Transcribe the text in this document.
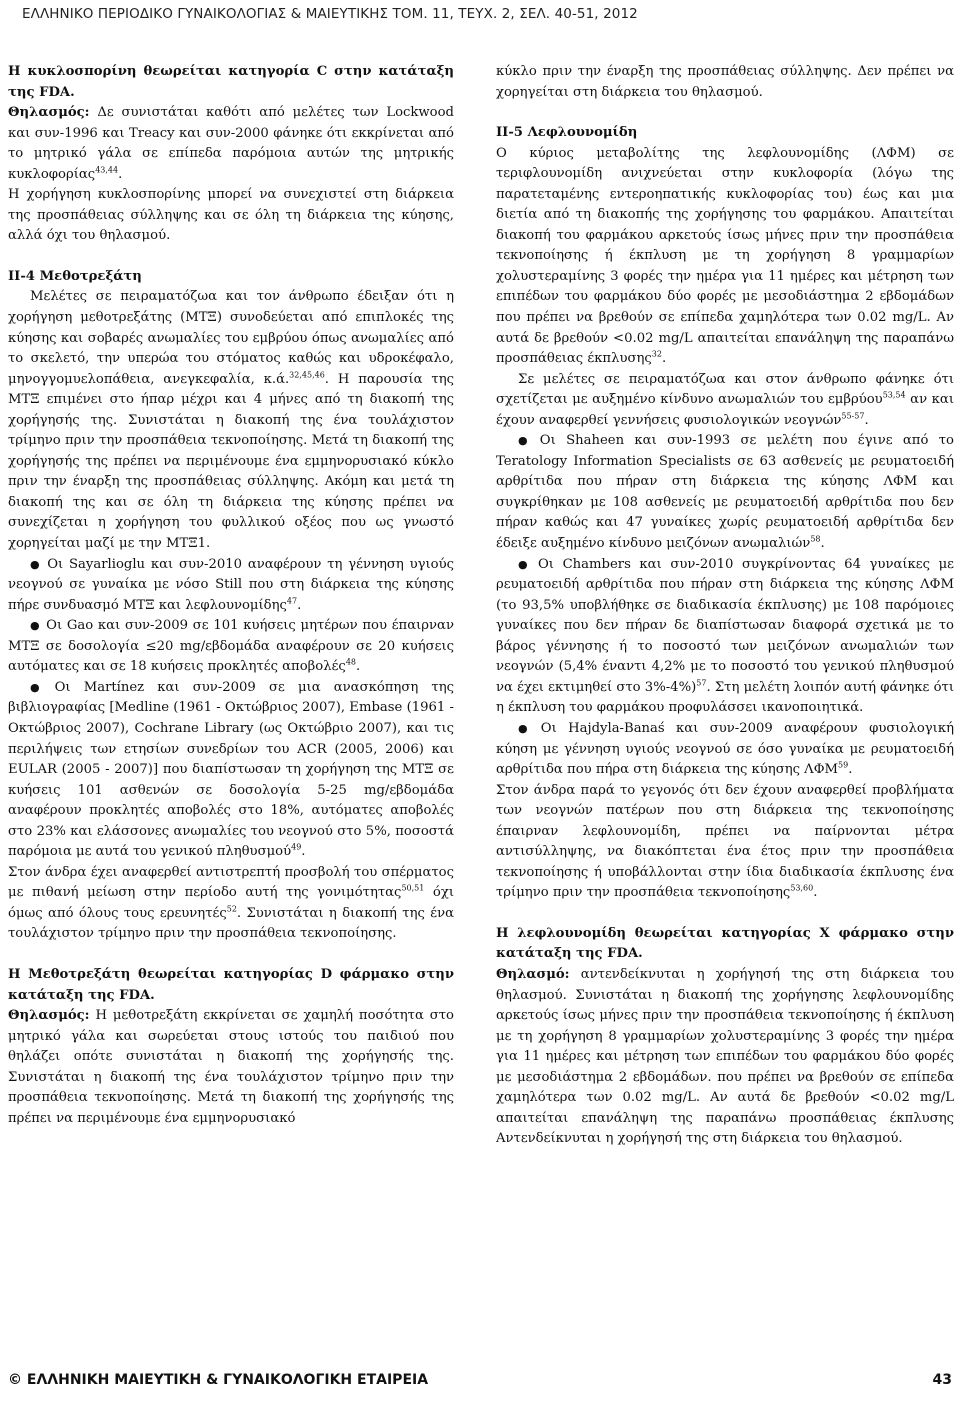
ΕΛΛΗΝΙΚΟ ΠΕΡΙΟΔΙΚΟ ΓΥΝΑΙΚΟΛΟΓΙΑΣ & ΜΑΙΕΥΤΙΚΗΣ ΤΟΜ. 11, ΤΕΥΧ. 2, ΣΕΛ. 40-51, 2012

Η κυκλοσπορίνη θεωρείται κατηγορία C στην κατάταξη της FDA.

Θηλασμός: Δε συνιστάται καθότι από μελέτες των Lockwood και συν-1996 και Treacy και συν-2000 φάνηκε ότι εκκρίνεται από το μητρικό γάλα σε επίπεδα παρόμοια αυτών της μητρικής κυκλοφορίας$^{43,44}$.

Η χορήγηση κυκλοσπορίνης μπορεί να συνεχιστεί στη διάρκεια της προσπάθειας σύλληψης και σε όλη τη διάρκεια της κύησης, αλλά όχι του θηλασμού.

ΙΙ-4 Μεθοτρεξάτη

Μελέτες σε πειραματόζωα και τον άνθρωπο έδειξαν ότι η χορήγηση μεθοτρεξάτης (ΜΤΞ) συνοδεύεται από επιπλοκές της κύησης και σοβαρές ανωμαλίες του εμβρύου όπως ανωμαλίες από το σκελετό, την υπερώα του στόματος καθώς και υδροκέφαλο, μηνογγομυελοπάθεια, ανεγκεφαλία, κ.ά.$^{32,45,46}$. Η παρουσία της ΜΤΞ επιμένει στο ήπαρ μέχρι και 4 μήνες από τη διακοπή της χορήγησής της. Συνιστάται η διακοπή της ένα τουλάχιστον τρίμηνο πριν την προσπάθεια τεκνοποίησης. Μετά τη διακοπή της χορήγησής της πρέπει να περιμένουμε ένα εμμηνορυσιακό κύκλο πριν την έναρξη της προσπάθειας σύλληψης. Ακόμη και μετά τη διακοπή της και σε όλη τη διάρκεια της κύησης πρέπει να συνεχίζεται η χορήγηση του φυλλικού οξέος που ως γνωστό χορηγείται μαζί με την ΜΤΞ1.

● Οι Sayarlioglu και συν-2010 αναφέρουν τη γέννηση υγιούς νεογνού σε γυναίκα με νόσο Still που στη διάρκεια της κύησης πήρε συνδυασμό ΜΤΞ και λεφλουνομίδης$^{47}$.

● Οι Gao και συν-2009 σε 101 κυήσεις μητέρων που έπαιρναν ΜΤΞ σε δοσολογία ≤20 mg/εβδομάδα αναφέρουν σε 20 κυήσεις αυτόματες και σε 18 κυήσεις προκλητές αποβολές$^{48}$.

● Οι Martínez και συν-2009 σε μια ανασκόπηση της βιβλιογραφίας [Medline (1961 - Οκτώβριος 2007), Embase (1961 - Οκτώβριος 2007), Cochrane Library (ως Οκτώβριο 2007), και τις περιλήψεις των ετησίων συνεδρίων του ACR (2005, 2006) και EULAR (2005 - 2007)] που διαπίστωσαν τη χορήγηση της ΜΤΞ σε κυήσεις 101 ασθενών σε δοσολογία 5-25 mg/εβδομάδα αναφέρουν προκλητές αποβολές στο 18%, αυτόματες αποβολές στο 23% και ελάσσονες ανωμαλίες του νεογνού στο 5%, ποσοστά παρόμοια με αυτά του γενικού πληθυσμού$^{49}$.

Στον άνδρα έχει αναφερθεί αντιστρεπτή προσβολή του σπέρματος με πιθανή μείωση στην περίοδο αυτή της γονιμότητας$^{50,51}$ όχι όμως από όλους τους ερευνητές$^{52}$. Συνιστάται η διακοπή της ένα τουλάχιστον τρίμηνο πριν την προσπάθεια τεκνοποίησης.

Η Μεθοτρεξάτη θεωρείται κατηγορίας D φάρμακο στην κατάταξη της FDA.

Θηλασμός: Η μεθοτρεξάτη εκκρίνεται σε χαμηλή ποσότητα στο μητρικό γάλα και σωρεύεται στους ιστούς του παιδιού που θηλάζει οπότε συνιστάται η διακοπή της χορήγησής της. Συνιστάται η διακοπή της ένα τουλάχιστον τρίμηνο πριν την προσπάθεια τεκνοποίησης. Μετά τη διακοπή της χορήγησής της πρέπει να περιμένουμε ένα εμμηνορυσιακό

κύκλο πριν την έναρξη της προσπάθειας σύλληψης. Δεν πρέπει να χορηγείται στη διάρκεια του θηλασμού.

ΙΙ-5 Λεφλουνομίδη

Ο κύριος μεταβολίτης της λεφλουνομίδης (ΛΦΜ) σε τεριφλουνομίδη ανιχνεύεται στην κυκλοφορία (λόγω της παρατεταμένης εντεροηπατικής κυκλοφορίας του) έως και μια διετία από τη διακοπής της χορήγησης του φαρμάκου. Απαιτείται διακοπή του φαρμάκου αρκετούς ίσως μήνες πριν την προσπάθεια τεκνοποίησης ή έκπλυση με τη χορήγηση 8 γραμμαρίων χολυστεραμίνης 3 φορές την ημέρα για 11 ημέρες και μέτρηση των επιπέδων του φαρμάκου δύο φορές με μεσοδιάστημα 2 εβδομάδων που πρέπει να βρεθούν σε επίπεδα χαμηλότερα των 0.02 mg/L. Αν αυτά δε βρεθούν <0.02 mg/L απαιτείται επανάληψη της παραπάνω προσπάθειας έκπλυσης$^{32}$.

Σε μελέτες σε πειραματόζωα και στον άνθρωπο φάνηκε ότι σχετίζεται με αυξημένο κίνδυνο ανωμαλιών του εμβρύου$^{53,54}$ αν και έχουν αναφερθεί γεννήσεις φυσιολογικών νεογνών$^{55-57}$.

● Οι Shaheen και συν-1993 σε μελέτη που έγινε από το Teratology Information Specialists σε 63 ασθενείς με ρευματοειδή αρθρίτιδα που πήραν στη διάρκεια της κύησης ΛΦΜ και συγκρίθηκαν με 108 ασθενείς με ρευματοειδή αρθρίτιδα που δεν πήραν καθώς και 47 γυναίκες χωρίς ρευματοειδή αρθρίτιδα δεν έδειξε αυξημένο κίνδυνο μειζόνων ανωμαλιών$^{58}$.

● Οι Chambers και συν-2010 συγκρίνοντας 64 γυναίκες με ρευματοειδή αρθρίτιδα που πήραν στη διάρκεια της κύησης ΛΦΜ (το 93,5% υποβλήθηκε σε διαδικασία έκπλυσης) με 108 παρόμοιες γυναίκες που δεν πήραν δε διαπίστωσαν διαφορά σχετικά με το βάρος γέννησης ή το ποσοστό των μειζόνων ανωμαλιών των νεογνών (5,4% έναντι 4,2% με το ποσοστό του γενικού πληθυσμού να έχει εκτιμηθεί στο 3%-4%)$^{57}$. Στη μελέτη λοιπόν αυτή φάνηκε ότι η έκπλυση του φαρμάκου προφυλάσσει ικανοποιητικά.

● Οι Hajdyla-Banaś και συν-2009 αναφέρουν φυσιολογική κύηση με γέννηση υγιούς νεογνού σε όσο γυναίκα με ρευματοειδή αρθρίτιδα που πήρα στη διάρκεια της κύησης ΛΦΜ$^{59}$.

Στον άνδρα παρά το γεγονός ότι δεν έχουν αναφερθεί προβλήματα των νεογνών πατέρων που στη διάρκεια της τεκνοποίησης έπαιρναν λεφλουνομίδη, πρέπει να παίρνονται μέτρα αντισύλληψης, να διακόπτεται ένα έτος πριν την προσπάθεια τεκνοποίησης ή υποβάλλονται στην ίδια διαδικασία έκπλυσης ένα τρίμηνο πριν την προσπάθεια τεκνοποίησης$^{53,60}$.

Η λεφλουνομίδη θεωρείται κατηγορίας Χ φάρμακο στην κατάταξη της FDA.

Θηλασμό: αντενδείκνυται η χορήγησή της στη διάρκεια του θηλασμού. Συνιστάται η διακοπή της χορήγησης λεφλουνομίδης αρκετούς ίσως μήνες πριν την προσπάθεια τεκνοποίησης ή έκπλυση με τη χορήγηση 8 γραμμαρίων χολυστεραμίνης 3 φορές την ημέρα για 11 ημέρες και μέτρηση των επιπέδων του φαρμάκου δύο φορές με μεσοδιάστημα 2 εβδομάδων. που πρέπει να βρεθούν σε επίπεδα χαμηλότερα των 0.02 mg/L. Αν αυτά δε βρεθούν <0.02 mg/L απαιτείται επανάληψη της παραπάνω προσπάθειας έκπλυσης Αντενδείκνυται η χορήγησή της στη διάρκεια του θηλασμού.

© ΕΛΛΗΝΙΚΗ ΜΑΙΕΥΤΙΚΗ & ΓΥΝΑΙΚΟΛΟΓΙΚΗ ΕΤΑΙΡΕΙΑ	43
